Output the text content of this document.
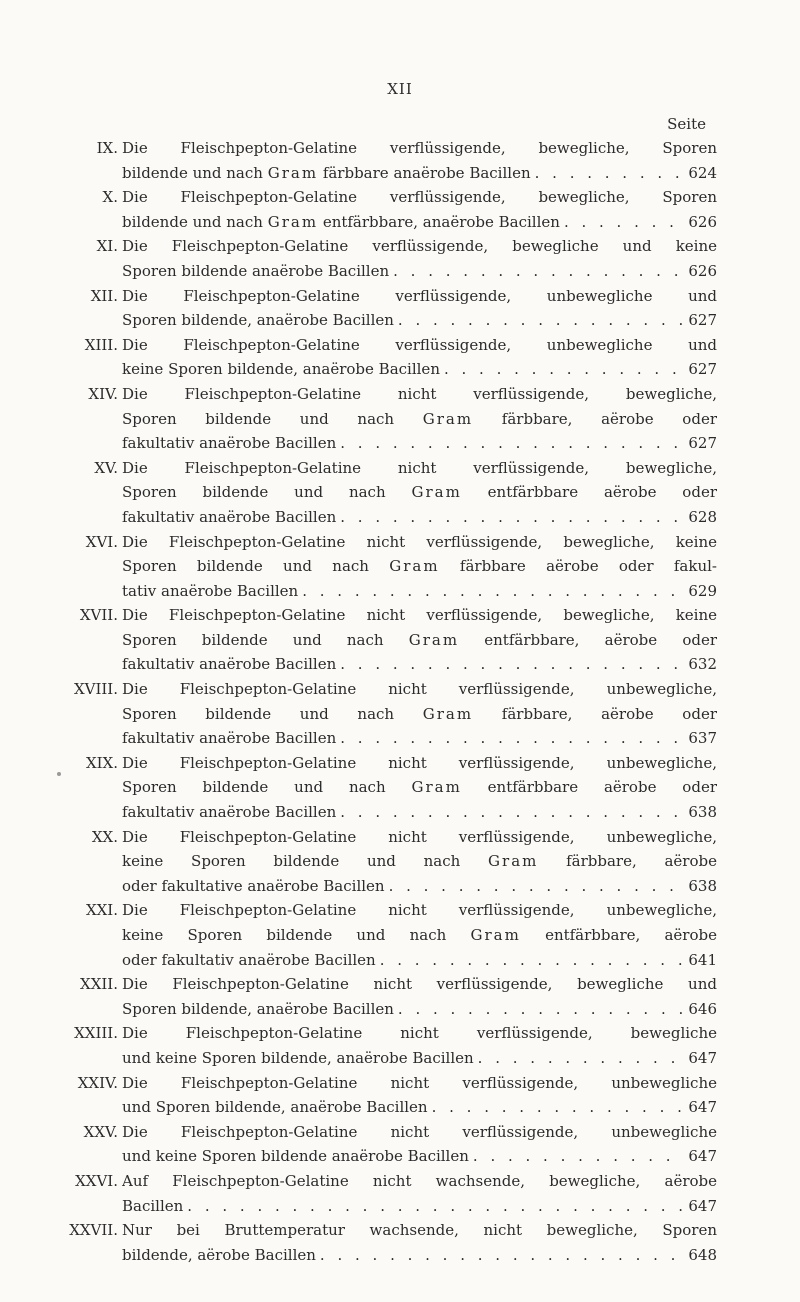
XII
Seite
IX. Die Fleischpepton-Gelatine verflüssigende, bewegliche, Sporen
bildende und nach Gram färbbare anaërobe Bacillen . . .	624
X. Die Fleischpepton-Gelatine verflüssigende, bewegliche, Sporen
bildende und nach Gram entfärbbare, anaërobe Bacillen . . .	626
XI. Die Fleischpepton-Gelatine verflüssigende, bewegliche und keine
Sporen bildende anaërobe Bacillen . . .	626
XII. Die Fleischpepton-Gelatine verflüssigende, unbewegliche und
Sporen bildende, anaërobe Bacillen . . .	627
XIII. Die Fleischpepton-Gelatine verflüssigende, unbewegliche und
keine Sporen bildende, anaërobe Bacillen . . .	627
XIV. Die Fleischpepton-Gelatine nicht verflüssigende, bewegliche,
Sporen bildende und nach Gram färbbare, aërobe oder
fakultativ anaërobe Bacillen . . .	627
XV. Die Fleischpepton-Gelatine nicht verflüssigende, bewegliche,
Sporen bildende und nach Gram entfärbbare aërobe oder
fakultativ anaërobe Bacillen . . .	628
XVI. Die Fleischpepton-Gelatine nicht verflüssigende, bewegliche, keine
Sporen bildende und nach Gram färbbare aërobe oder fakul-
tativ anaërobe Bacillen . . .	629
XVII. Die Fleischpepton-Gelatine nicht verflüssigende, bewegliche, keine
Sporen bildende und nach Gram entfärbbare, aërobe oder
fakultativ anaërobe Bacillen . . .	632
XVIII. Die Fleischpepton-Gelatine nicht verflüssigende, unbewegliche,
Sporen bildende und nach Gram färbbare, aërobe oder
fakultativ anaërobe Bacillen . . .	637
XIX. Die Fleischpepton-Gelatine nicht verflüssigende, unbewegliche,
Sporen bildende und nach Gram entfärbbare aërobe oder
fakultativ anaërobe Bacillen . . .	638
XX. Die Fleischpepton-Gelatine nicht verflüssigende, unbewegliche,
keine Sporen bildende und nach Gram färbbare, aërobe
oder fakultative anaërobe Bacillen . . .	638
XXI. Die Fleischpepton-Gelatine nicht verflüssigende, unbewegliche,
keine Sporen bildende und nach Gram entfärbbare, aërobe
oder fakultativ anaërobe Bacillen . . .	641
XXII. Die Fleischpepton-Gelatine nicht verflüssigende, bewegliche und
Sporen bildende, anaërobe Bacillen . . .	646
XXIII. Die Fleischpepton-Gelatine nicht verflüssigende, bewegliche
und keine Sporen bildende, anaërobe Bacillen . . .	647
XXIV. Die Fleischpepton-Gelatine nicht verflüssigende, unbewegliche
und Sporen bildende, anaërobe Bacillen . . .	647
XXV. Die Fleischpepton-Gelatine nicht verflüssigende, unbewegliche
und keine Sporen bildende anaërobe Bacillen . . .	647
XXVI. Auf Fleischpepton-Gelatine nicht wachsende, bewegliche, aërobe
Bacillen . . .	647
XXVII. Nur bei Bruttemperatur wachsende, nicht bewegliche, Sporen
bildende, aërobe Bacillen . . .	648
